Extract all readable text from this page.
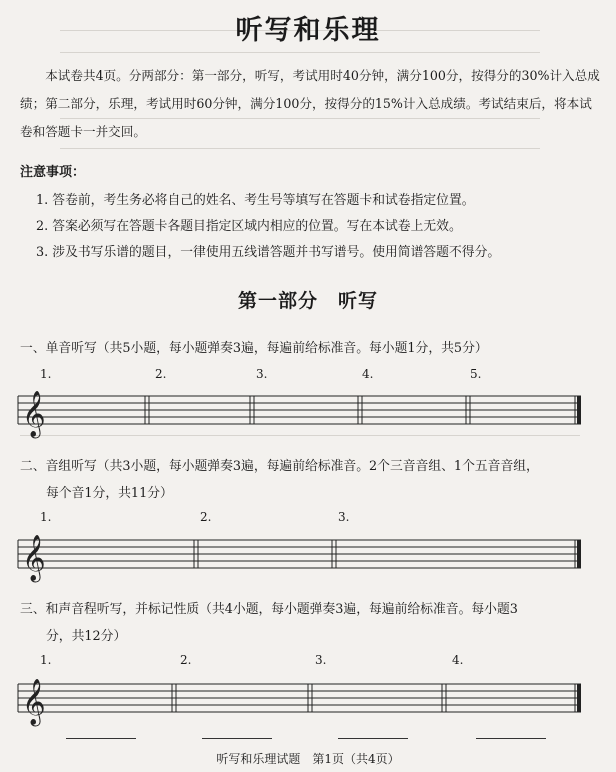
听写和乐理
本试卷共4页。分两部分：第一部分，听写，考试用时40分钟，满分100分，按得分的30%计入总成绩；第二部分，乐理，考试用时60分钟，满分100分，按得分的15%计入总成绩。考试结束后，将本试卷和答题卡一并交回。
注意事项：
1. 答卷前，考生务必将自己的姓名、考生号等填写在答题卡和试卷指定位置。
2. 答案必须写在答题卡各题目指定区域内相应的位置。写在本试卷上无效。
3. 涉及书写乐谱的题目，一律使用五线谱答题并书写谱号。使用简谱答题不得分。
第一部分　听写
一、单音听写（共5小题，每小题弹奏3遍，每遍前给标准音。每小题1分，共5分）
1.	2.	3.	4.	5.
𝄞
二、音组听写（共3小题，每小题弹奏3遍，每遍前给标准音。2个三音音组、1个五音音组，
每个音1分，共11分）
1.	2.	3.
𝄞
三、和声音程听写，并标记性质（共4小题，每小题弹奏3遍，每遍前给标准音。每小题3
分，共12分）
1.	2.	3.	4.
𝄞
听写和乐理试题　第1页（共4页）
